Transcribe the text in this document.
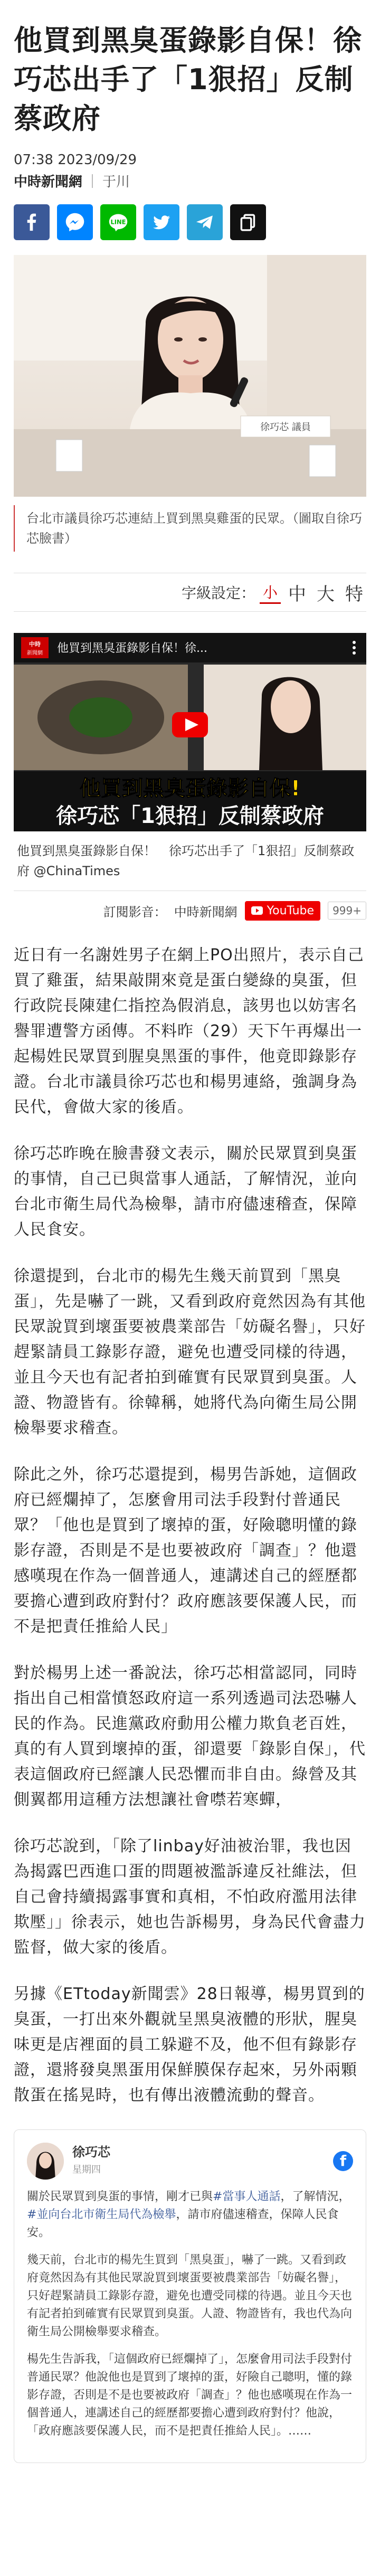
他買到黑臭蛋錄影自保！徐巧芯出手了「1狠招」反制蔡政府
07:38 2023/09/29
中時新聞網 于川
LINE
徐巧芯 議員
台北市議員徐巧芯連結上買到黑臭雞蛋的民眾。（圖取自徐巧芯臉書）
字級設定： 小 中 大 特
中時
新聞網 他買到黑臭蛋錄影自保！徐...
他買到黑臭蛋錄影自保!
徐巧芯「1狠招」反制蔡政府
他買到黑臭蛋錄影自保！　徐巧芯出手了「1狠招」反制蔡政府 @ChinaTimes
訂閱影音： 中時新聞網	YouTube	999+

近日有一名謝姓男子在網上PO出照片，表示自己買了雞蛋，結果敲開來竟是蛋白變綠的臭蛋，但行政院長陳建仁指控為假消息，該男也以妨害名譽罪遭警方函傳。不料昨（29）天下午再爆出一起楊姓民眾買到腥臭黑蛋的事件，他竟即錄影存證。台北市議員徐巧芯也和楊男連絡，強調身為民代，會做大家的後盾。

徐巧芯昨晚在臉書發文表示，關於民眾買到臭蛋的事情，自己已與當事人通話，了解情況，並向台北市衛生局代為檢舉，請市府儘速稽查，保障人民食安。

徐還提到，台北市的楊先生幾天前買到「黑臭蛋」，先是嚇了一跳，又看到政府竟然因為有其他民眾說買到壞蛋要被農業部告「妨礙名譽」，只好趕緊請員工錄影存證，避免也遭受同樣的待遇，並且今天也有記者拍到確實有民眾買到臭蛋。人證、物證皆有。徐韓稱，她將代為向衛生局公開檢舉要求稽查。

除此之外，徐巧芯還提到，楊男告訴她，這個政府已經爛掉了，怎麼會用司法手段對付普通民眾？「他也是買到了壞掉的蛋，好險聰明懂的錄影存證，否則是不是也要被政府「調查」？他還感嘆現在作為一個普通人，連講述自己的經歷都要擔心遭到政府對付？政府應該要保護人民，而不是把責任推給人民」

對於楊男上述一番說法，徐巧芯相當認同，同時指出自己相當憤怒政府這一系列透過司法恐嚇人民的作為。民進黨政府動用公權力欺負老百姓，真的有人買到壞掉的蛋，卻還要「錄影自保」，代表這個政府已經讓人民恐懼而非自由。綠營及其側翼都用這種方法想讓社會噤若寒蟬，

徐巧芯說到，「除了linbay好油被治罪，我也因為揭露巴西進口蛋的問題被濫訴違反社維法，但自己會持續揭露事實和真相，不怕政府濫用法律欺壓」」徐表示，她也告訴楊男，身為民代會盡力監督，做大家的後盾。

另據《ETtoday新聞雲》28日報導，楊男買到的臭蛋，一打出來外觀就呈黑臭液體的形狀，腥臭味更是店裡面的員工躲避不及，他不但有錄影存證，還將發臭黑蛋用保鮮膜保存起來，另外兩顆散蛋在搖晃時，也有傳出液體流動的聲音。

徐巧芯
星期四
f

關於民眾買到臭蛋的事情，剛才已與#當事人通話，了解情況，#並向台北市衛生局代為檢舉，請市府儘速稽查，保障人民食安。

幾天前，台北市的楊先生買到「黑臭蛋」，嚇了一跳。又看到政府竟然因為有其他民眾說買到壞蛋要被農業部告「妨礙名譽」，只好趕緊請員工錄影存證，避免也遭受同樣的待遇。並且今天也有記者拍到確實有民眾買到臭蛋。人證、物證皆有，我也代為向衛生局公開檢舉要求稽查。

楊先生告訴我，「這個政府已經爛掉了」，怎麼會用司法手段對付普通民眾？他說他也是買到了壞掉的蛋，好險自己聰明，懂的錄影存證，否則是不是也要被政府「調查」？他也感嘆現在作為一個普通人，連講述自己的經歷都要擔心遭到政府對付？他說，「政府應該要保護人民，而不是把責任推給人民」。……
